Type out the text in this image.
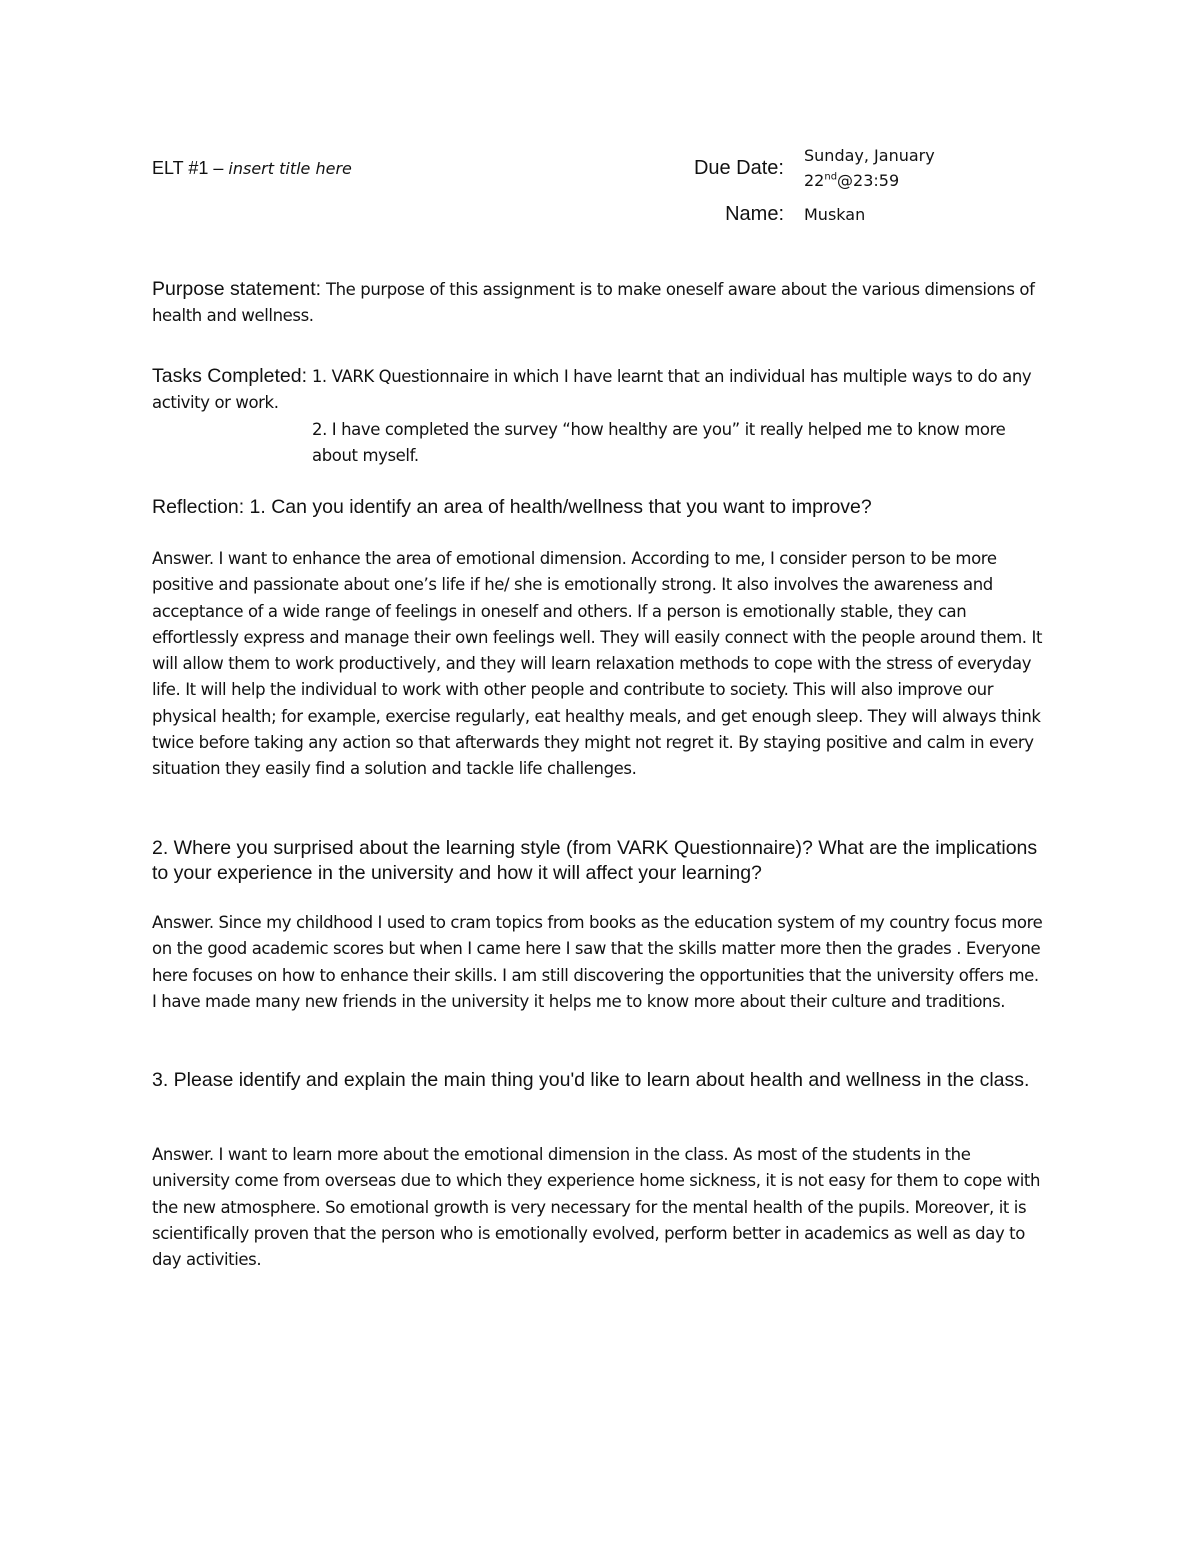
ELT #1 – insert title here	Due Date:
Sunday, January
22nd@23:59
Name: Muskan
Purpose statement: The purpose of this assignment is to make oneself aware about the various dimensions of health and wellness.
Tasks Completed: 1. VARK Questionnaire in which I have learnt that an individual has multiple ways to do any activity or work.
2. I have completed the survey “how healthy are you” it really helped me to know more about myself.
Reflection: 1. Can you identify an area of health/wellness that you want to improve?
Answer. I want to enhance the area of emotional dimension. According to me, I consider person to be more positive and passionate about one’s life if he/ she is emotionally strong. It also involves the awareness and acceptance of a wide range of feelings in oneself and others. If a person is emotionally stable, they can effortlessly express and manage their own feelings well. They will easily connect with the people around them. It will allow them to work productively, and they will learn relaxation methods to cope with the stress of everyday life. It will help the individual to work with other people and contribute to society. This will also improve our physical health; for example, exercise regularly, eat healthy meals, and get enough sleep. They will always think twice before taking any action so that afterwards they might not regret it. By staying positive and calm in every situation they easily find a solution and tackle life challenges.
2. Where you surprised about the learning style (from VARK Questionnaire)? What are the implications to your experience in the university and how it will affect your learning?
Answer. Since my childhood I used to cram topics from books as the education system of my country focus more on the good academic scores but when I came here I saw that the skills matter more then the grades . Everyone here focuses on how to enhance their skills. I am still discovering the opportunities that the university offers me. I have made many new friends in the university it helps me to know more about their culture and traditions.
3. Please identify and explain the main thing you'd like to learn about health and wellness in the class.
Answer. I want to learn more about the emotional dimension in the class. As most of the students in the university come from overseas due to which they experience home sickness, it is not easy for them to cope with the new atmosphere. So emotional growth is very necessary for the mental health of the pupils. Moreover, it is scientifically proven that the person who is emotionally evolved, perform better in academics as well as day to day activities.
